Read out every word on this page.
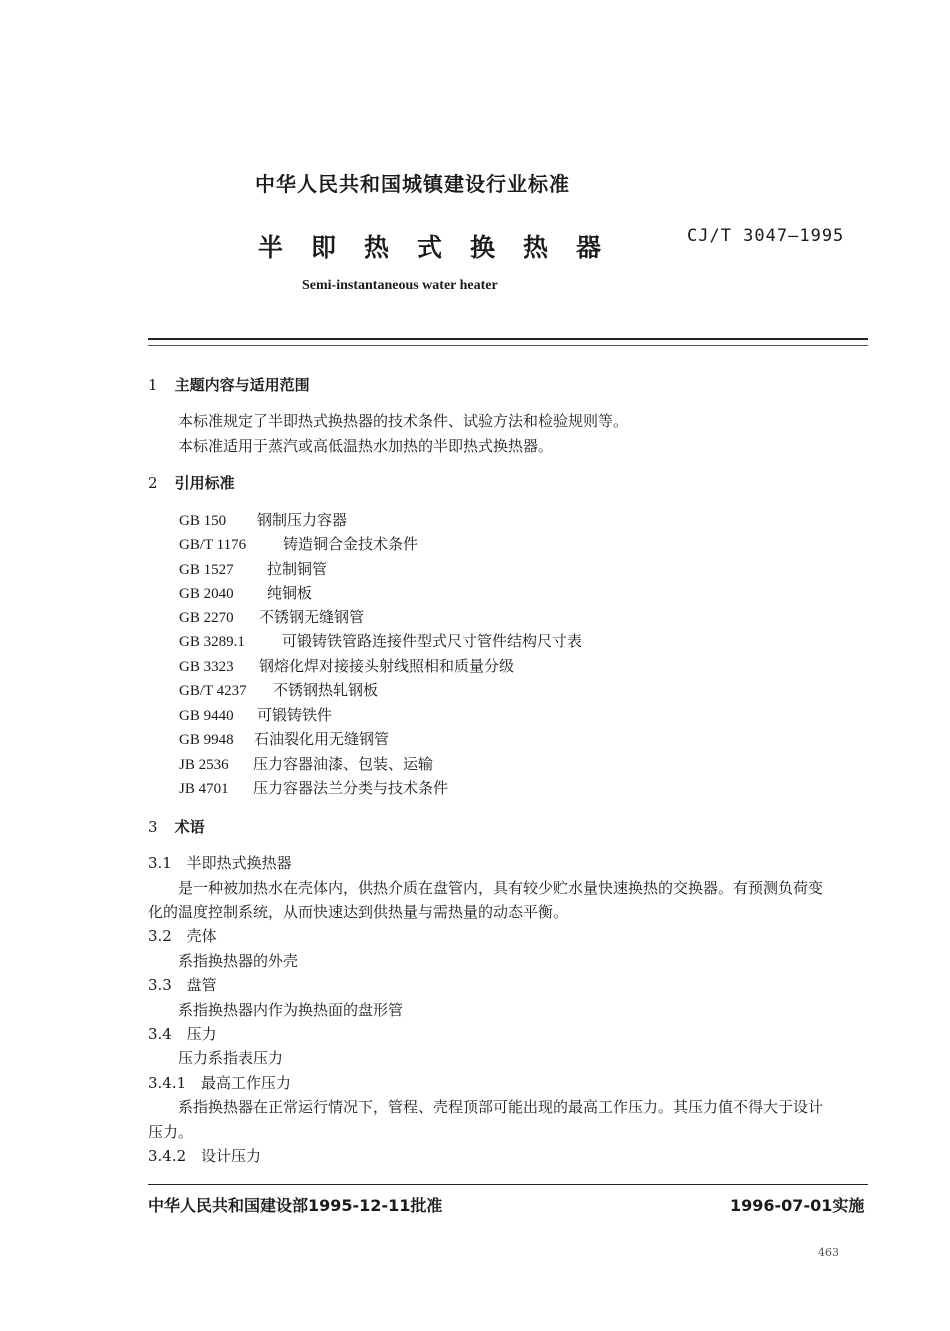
中华人民共和国城镇建设行业标准
半即热式换热器	CJ/T 3047—1995
Semi-instantaneous water heater
1 主题内容与适用范围
本标准规定了半即热式换热器的技术条件、试验方法和检验规则等。
本标准适用于蒸汽或高低温热水加热的半即热式换热器。
2 引用标准
GB 150 钢制压力容器
GB/T 1176 铸造铜合金技术条件
GB 1527 拉制铜管
GB 2040 纯铜板
GB 2270 不锈钢无缝钢管
GB 3289.1 可锻铸铁管路连接件型式尺寸管件结构尺寸表
GB 3323 钢熔化焊对接接头射线照相和质量分级
GB/T 4237 不锈钢热轧钢板
GB 9440 可锻铸铁件
GB 9948 石油裂化用无缝钢管
JB 2536 压力容器油漆、包装、运输
JB 4701 压力容器法兰分类与技术条件
3 术语
3.1 半即热式换热器
是一种被加热水在壳体内，供热介质在盘管内，具有较少贮水量快速换热的交换器。有预测负荷变
化的温度控制系统，从而快速达到供热量与需热量的动态平衡。
3.2 壳体
系指换热器的外壳
3.3 盘管
系指换热器内作为换热面的盘形管
3.4 压力
压力系指表压力
3.4.1 最高工作压力
系指换热器在正常运行情况下，管程、壳程顶部可能出现的最高工作压力。其压力值不得大于设计
压力。
3.4.2 设计压力
中华人民共和国建设部1995-12-11批准	1996-07-01实施
463
